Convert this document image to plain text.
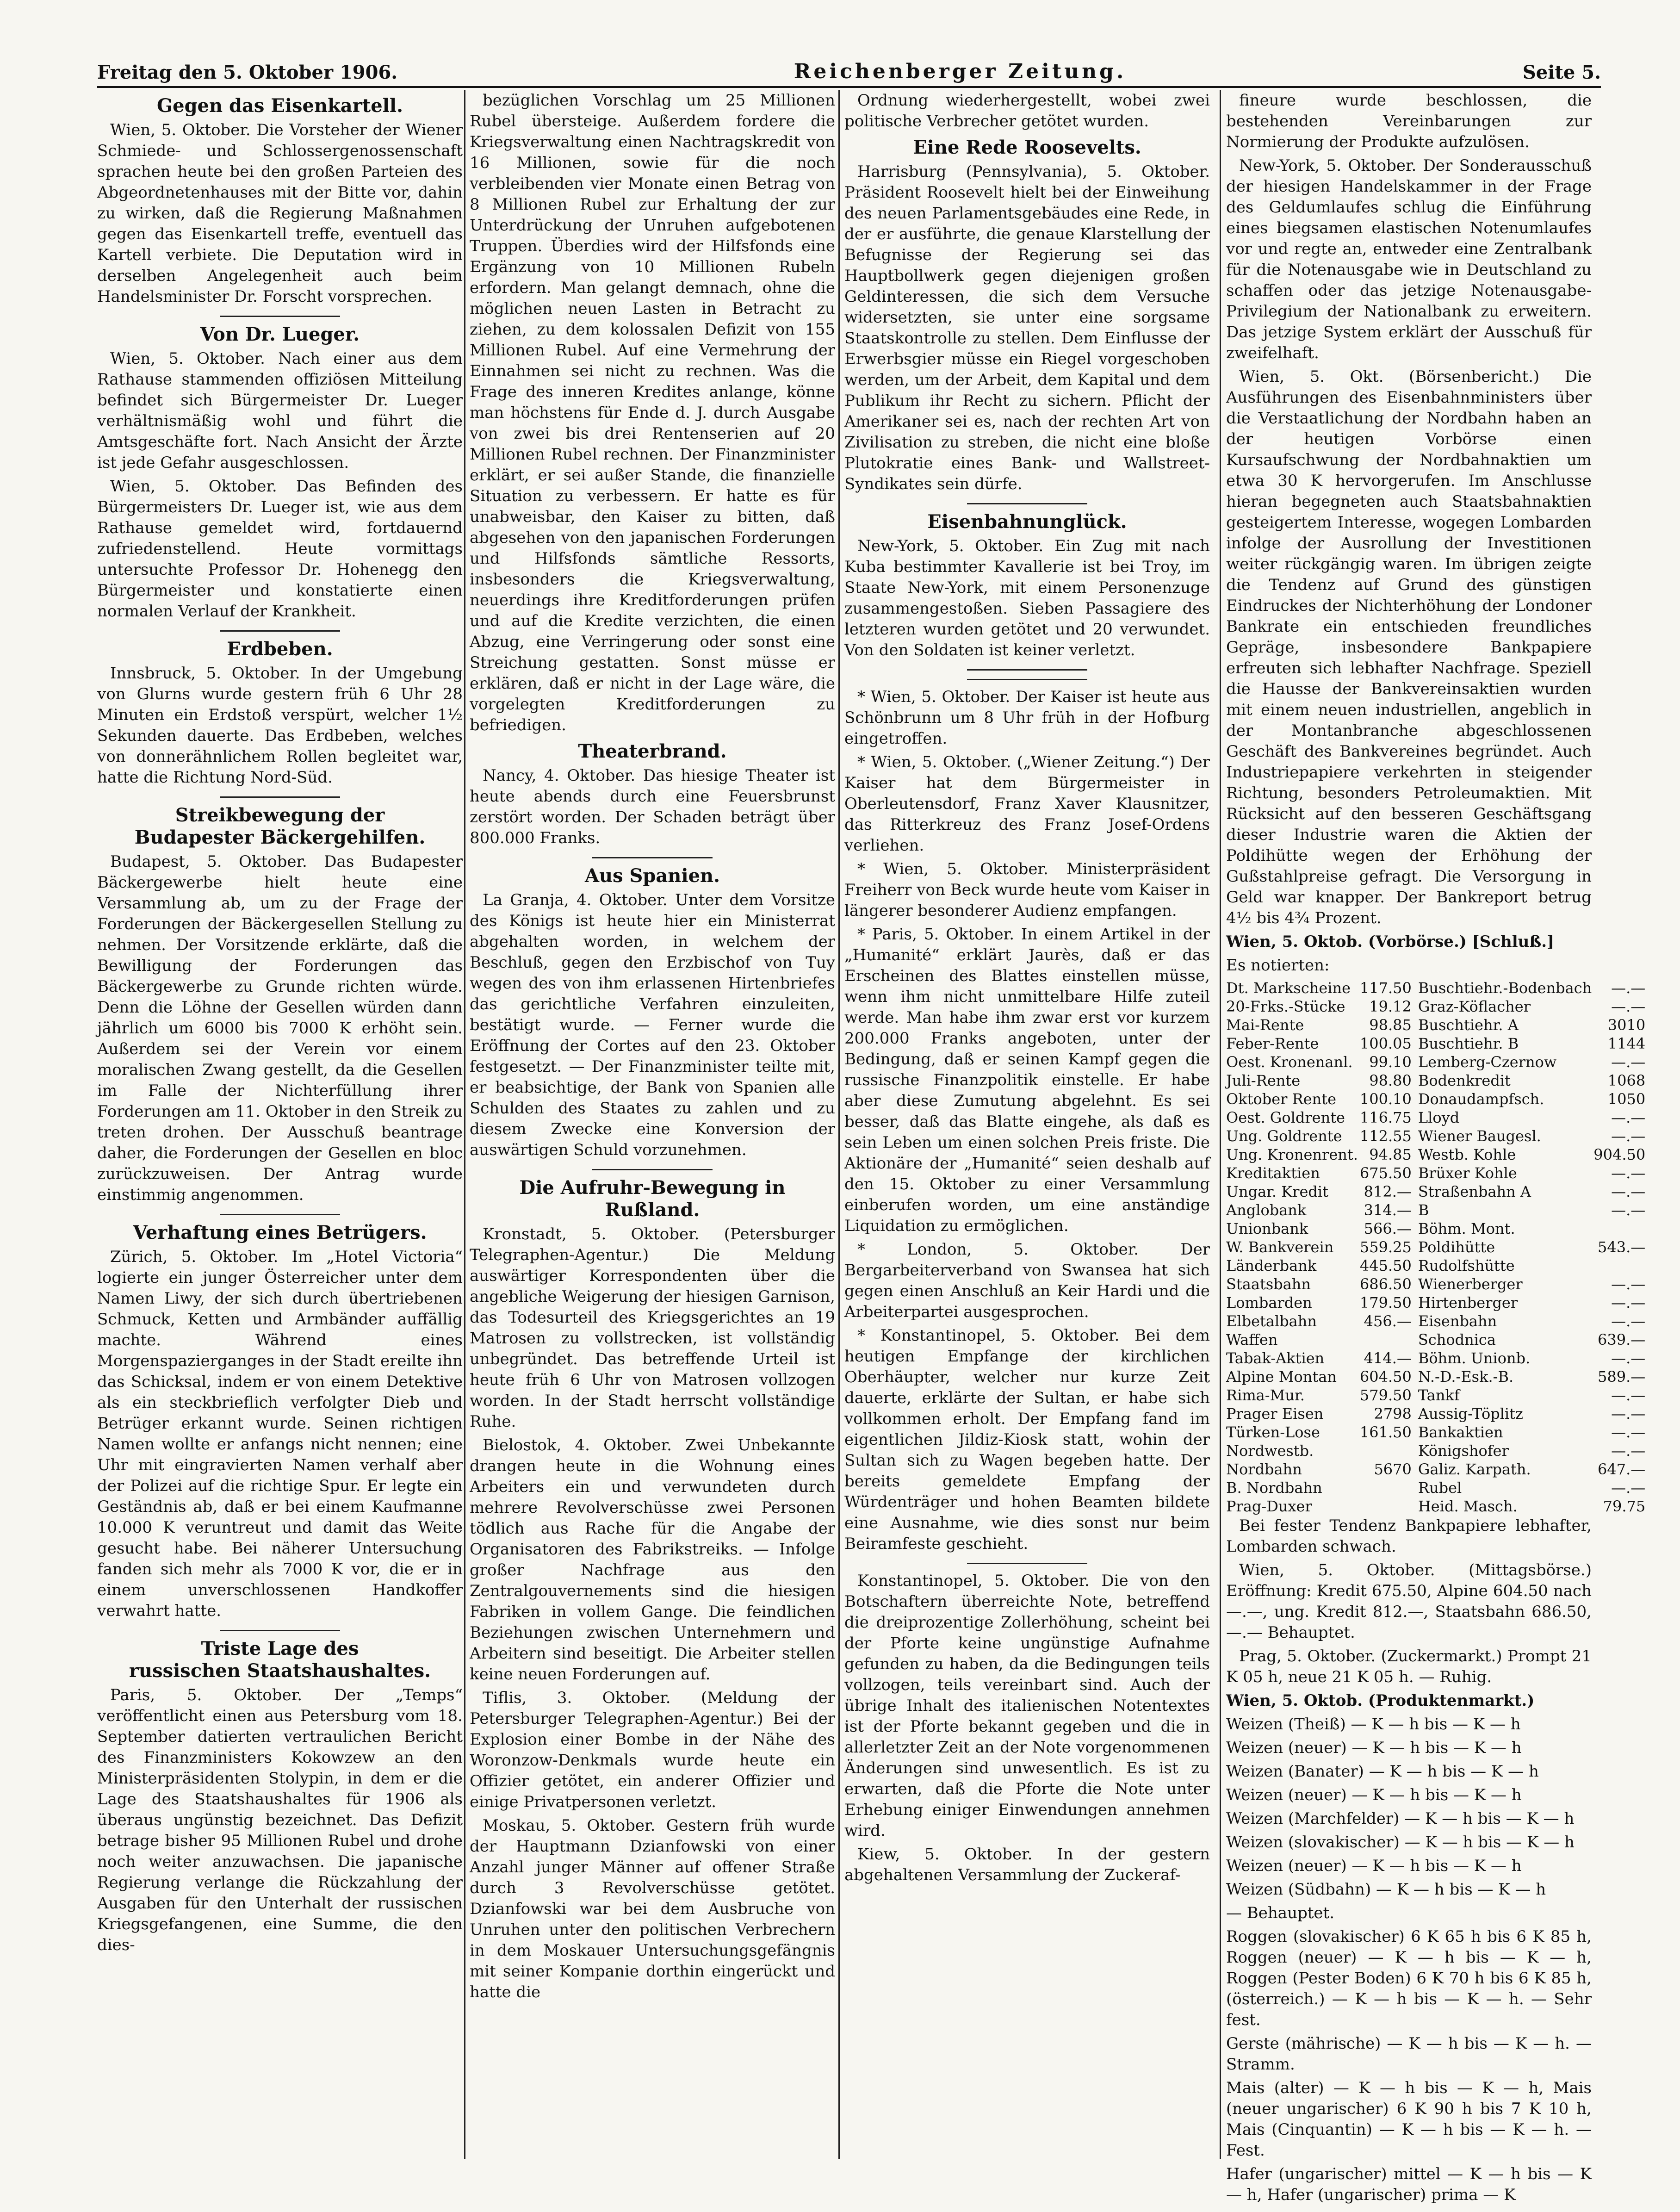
Freitag den 5. Oktober 1906.	Reichenberger Zeitung.	Seite 5.
Gegen das Eisenkartell.

Wien, 5. Oktober. Die Vorsteher der Wiener Schmiede- und Schlossergenossenschaft sprachen heute bei den großen Parteien des Abgeordnetenhauses mit der Bitte vor, dahin zu wirken, daß die Regierung Maßnahmen gegen das Eisenkartell treffe, eventuell das Kartell verbiete. Die Deputation wird in derselben Angelegenheit auch beim Handelsminister Dr. Forscht vorsprechen.

Von Dr. Lueger.

Wien, 5. Oktober. Nach einer aus dem Rathause stammenden offiziösen Mitteilung befindet sich Bürgermeister Dr. Lueger verhältnismäßig wohl und führt die Amtsgeschäfte fort. Nach Ansicht der Ärzte ist jede Gefahr ausgeschlossen.

Wien, 5. Oktober. Das Befinden des Bürgermeisters Dr. Lueger ist, wie aus dem Rathause gemeldet wird, fortdauernd zufriedenstellend. Heute vormittags untersuchte Professor Dr. Hohenegg den Bürgermeister und konstatierte einen normalen Verlauf der Krankheit.

Erdbeben.

Innsbruck, 5. Oktober. In der Umgebung von Glurns wurde gestern früh 6 Uhr 28 Minuten ein Erdstoß verspürt, welcher 1½ Sekunden dauerte. Das Erdbeben, welches von donnerähnlichem Rollen begleitet war, hatte die Richtung Nord-Süd.

Streikbewegung der
Budapester Bäckergehilfen.

Budapest, 5. Oktober. Das Budapester Bäckergewerbe hielt heute eine Versammlung ab, um zu der Frage der Forderungen der Bäckergesellen Stellung zu nehmen. Der Vorsitzende erklärte, daß die Bewilligung der Forderungen das Bäckergewerbe zu Grunde richten würde. Denn die Löhne der Gesellen würden dann jährlich um 6000 bis 7000 K erhöht sein. Außerdem sei der Verein vor einem moralischen Zwang gestellt, da die Gesellen im Falle der Nichterfüllung ihrer Forderungen am 11. Oktober in den Streik zu treten drohen. Der Ausschuß beantrage daher, die Forderungen der Gesellen en bloc zurückzuweisen. Der Antrag wurde einstimmig angenommen.

Verhaftung eines Betrügers.

Zürich, 5. Oktober. Im „Hotel Victoria“ logierte ein junger Österreicher unter dem Namen Liwy, der sich durch übertriebenen Schmuck, Ketten und Armbänder auffällig machte. Während eines Morgenspazierganges in der Stadt ereilte ihn das Schicksal, indem er von einem Detektive als ein steckbrieflich verfolgter Dieb und Betrüger erkannt wurde. Seinen richtigen Namen wollte er anfangs nicht nennen; eine Uhr mit eingravierten Namen verhalf aber der Polizei auf die richtige Spur. Er legte ein Geständnis ab, daß er bei einem Kaufmanne 10.000 K veruntreut und damit das Weite gesucht habe. Bei näherer Untersuchung fanden sich mehr als 7000 K vor, die er in einem unverschlossenen Handkoffer verwahrt hatte.

Triste Lage des
russischen Staatshaushaltes.

Paris, 5. Oktober. Der „Temps“ veröffentlicht einen aus Petersburg vom 18. September datierten vertraulichen Bericht des Finanzministers Kokowzew an den Ministerpräsidenten Stolypin, in dem er die Lage des Staatshaushaltes für 1906 als überaus ungünstig bezeichnet. Das Defizit betrage bisher 95 Millionen Rubel und drohe noch weiter anzuwachsen. Die japanische Regierung verlange die Rückzahlung der Ausgaben für den Unterhalt der russischen Kriegsgefangenen, eine Summe, die den dies-

bezüglichen Vorschlag um 25 Millionen Rubel übersteige. Außerdem fordere die Kriegsverwaltung einen Nachtragskredit von 16 Millionen, sowie für die noch verbleibenden vier Monate einen Betrag von 8 Millionen Rubel zur Erhaltung der zur Unterdrückung der Unruhen aufgebotenen Truppen. Überdies wird der Hilfsfonds eine Ergänzung von 10 Millionen Rubeln erfordern. Man gelangt demnach, ohne die möglichen neuen Lasten in Betracht zu ziehen, zu dem kolossalen Defizit von 155 Millionen Rubel. Auf eine Vermehrung der Einnahmen sei nicht zu rechnen. Was die Frage des inneren Kredites anlange, könne man höchstens für Ende d. J. durch Ausgabe von zwei bis drei Rentenserien auf 20 Millionen Rubel rechnen. Der Finanzminister erklärt, er sei außer Stande, die finanzielle Situation zu verbessern. Er hatte es für unabweisbar, den Kaiser zu bitten, daß abgesehen von den japanischen Forderungen und Hilfsfonds sämtliche Ressorts, insbesonders die Kriegsverwaltung, neuerdings ihre Kreditforderungen prüfen und auf die Kredite verzichten, die einen Abzug, eine Verringerung oder sonst eine Streichung gestatten. Sonst müsse er erklären, daß er nicht in der Lage wäre, die vorgelegten Kreditforderungen zu befriedigen.

Theaterbrand.

Nancy, 4. Oktober. Das hiesige Theater ist heute abends durch eine Feuersbrunst zerstört worden. Der Schaden beträgt über 800.000 Franks.

Aus Spanien.

La Granja, 4. Oktober. Unter dem Vorsitze des Königs ist heute hier ein Ministerrat abgehalten worden, in welchem der Beschluß, gegen den Erzbischof von Tuy wegen des von ihm erlassenen Hirtenbriefes das gerichtliche Verfahren einzuleiten, bestätigt wurde. — Ferner wurde die Eröffnung der Cortes auf den 23. Oktober festgesetzt. — Der Finanzminister teilte mit, er beabsichtige, der Bank von Spanien alle Schulden des Staates zu zahlen und zu diesem Zwecke eine Konversion der auswärtigen Schuld vorzunehmen.

Die Aufruhr-Bewegung in Rußland.

Kronstadt, 5. Oktober. (Petersburger Telegraphen-Agentur.) Die Meldung auswärtiger Korrespondenten über die angebliche Weigerung der hiesigen Garnison, das Todesurteil des Kriegsgerichtes an 19 Matrosen zu vollstrecken, ist vollständig unbegründet. Das betreffende Urteil ist heute früh 6 Uhr von Matrosen vollzogen worden. In der Stadt herrscht vollständige Ruhe.

Bielostok, 4. Oktober. Zwei Unbekannte drangen heute in die Wohnung eines Arbeiters ein und verwundeten durch mehrere Revolverschüsse zwei Personen tödlich aus Rache für die Angabe der Organisatoren des Fabrikstreiks. — Infolge großer Nachfrage aus den Zentralgouvernements sind die hiesigen Fabriken in vollem Gange. Die feindlichen Beziehungen zwischen Unternehmern und Arbeitern sind beseitigt. Die Arbeiter stellen keine neuen Forderungen auf.

Tiflis, 3. Oktober. (Meldung der Petersburger Telegraphen-Agentur.) Bei der Explosion einer Bombe in der Nähe des Woronzow-Denkmals wurde heute ein Offizier getötet, ein anderer Offizier und einige Privatpersonen verletzt.

Moskau, 5. Oktober. Gestern früh wurde der Hauptmann Dzianfowski von einer Anzahl junger Männer auf offener Straße durch 3 Revolverschüsse getötet. Dzianfowski war bei dem Ausbruche von Unruhen unter den politischen Verbrechern in dem Moskauer Untersuchungsgefängnis mit seiner Kompanie dorthin eingerückt und hatte die

Ordnung wiederhergestellt, wobei zwei politische Verbrecher getötet wurden.

Eine Rede Roosevelts.

Harrisburg (Pennsylvania), 5. Oktober. Präsident Roosevelt hielt bei der Einweihung des neuen Parlamentsgebäudes eine Rede, in der er ausführte, die genaue Klarstellung der Befugnisse der Regierung sei das Hauptbollwerk gegen diejenigen großen Geldinteressen, die sich dem Versuche widersetzten, sie unter eine sorgsame Staatskontrolle zu stellen. Dem Einflusse der Erwerbsgier müsse ein Riegel vorgeschoben werden, um der Arbeit, dem Kapital und dem Publikum ihr Recht zu sichern. Pflicht der Amerikaner sei es, nach der rechten Art von Zivilisation zu streben, die nicht eine bloße Plutokratie eines Bank- und Wallstreet-Syndikates sein dürfe.

Eisenbahnunglück.

New-York, 5. Oktober. Ein Zug mit nach Kuba bestimmter Kavallerie ist bei Troy, im Staate New-York, mit einem Personenzuge zusammengestoßen. Sieben Passagiere des letzteren wurden getötet und 20 verwundet. Von den Soldaten ist keiner verletzt.

* Wien, 5. Oktober. Der Kaiser ist heute aus Schönbrunn um 8 Uhr früh in der Hofburg eingetroffen.

* Wien, 5. Oktober. („Wiener Zeitung.“) Der Kaiser hat dem Bürgermeister in Oberleutensdorf, Franz Xaver Klausnitzer, das Ritterkreuz des Franz Josef-Ordens verliehen.

* Wien, 5. Oktober. Ministerpräsident Freiherr von Beck wurde heute vom Kaiser in längerer besonderer Audienz empfangen.

* Paris, 5. Oktober. In einem Artikel in der „Humanité“ erklärt Jaurès, daß er das Erscheinen des Blattes einstellen müsse, wenn ihm nicht unmittelbare Hilfe zuteil werde. Man habe ihm zwar erst vor kurzem 200.000 Franks angeboten, unter der Bedingung, daß er seinen Kampf gegen die russische Finanzpolitik einstelle. Er habe aber diese Zumutung abgelehnt. Es sei besser, daß das Blatte eingehe, als daß es sein Leben um einen solchen Preis friste. Die Aktionäre der „Humanité“ seien deshalb auf den 15. Oktober zu einer Versammlung einberufen worden, um eine anständige Liquidation zu ermöglichen.

* London, 5. Oktober. Der Bergarbeiterverband von Swansea hat sich gegen einen Anschluß an Keir Hardi und die Arbeiterpartei ausgesprochen.

* Konstantinopel, 5. Oktober. Bei dem heutigen Empfange der kirchlichen Oberhäupter, welcher nur kurze Zeit dauerte, erklärte der Sultan, er habe sich vollkommen erholt. Der Empfang fand im eigentlichen Jildiz-Kiosk statt, wohin der Sultan sich zu Wagen begeben hatte. Der bereits gemeldete Empfang der Würdenträger und hohen Beamten bildete eine Ausnahme, wie dies sonst nur beim Beiramfeste geschieht.

Konstantinopel, 5. Oktober. Die von den Botschaftern überreichte Note, betreffend die dreiprozentige Zollerhöhung, scheint bei der Pforte keine ungünstige Aufnahme gefunden zu haben, da die Bedingungen teils vollzogen, teils vereinbart sind. Auch der übrige Inhalt des italienischen Notentextes ist der Pforte bekannt gegeben und die in allerletzter Zeit an der Note vorgenommenen Änderungen sind unwesentlich. Es ist zu erwarten, daß die Pforte die Note unter Erhebung einiger Einwendungen annehmen wird.

Kiew, 5. Oktober. In der gestern abgehaltenen Versammlung der Zuckeraf-

fineure wurde beschlossen, die bestehenden Vereinbarungen zur Normierung der Produkte aufzulösen.

New-York, 5. Oktober. Der Sonderausschuß der hiesigen Handelskammer in der Frage des Geldumlaufes schlug die Einführung eines biegsamen elastischen Notenumlaufes vor und regte an, entweder eine Zentralbank für die Notenausgabe wie in Deutschland zu schaffen oder das jetzige Notenausgabe-Privilegium der Nationalbank zu erweitern. Das jetzige System erklärt der Ausschuß für zweifelhaft.

Wien, 5. Okt. (Börsenbericht.) Die Ausführungen des Eisenbahnministers über die Verstaatlichung der Nordbahn haben an der heutigen Vorbörse einen Kursaufschwung der Nordbahnaktien um etwa 30 K hervorgerufen. Im Anschlusse hieran begegneten auch Staatsbahnaktien gesteigertem Interesse, wogegen Lombarden infolge der Ausrollung der Investitionen weiter rückgängig waren. Im übrigen zeigte die Tendenz auf Grund des günstigen Eindruckes der Nichterhöhung der Londoner Bankrate ein entschieden freundliches Gepräge, insbesondere Bankpapiere erfreuten sich lebhafter Nachfrage. Speziell die Hausse der Bankvereinsaktien wurden mit einem neuen industriellen, angeblich in der Montanbranche abgeschlossenen Geschäft des Bankvereines begründet. Auch Industriepapiere verkehrten in steigender Richtung, besonders Petroleumaktien. Mit Rücksicht auf den besseren Geschäftsgang dieser Industrie waren die Aktien der Poldihütte wegen der Erhöhung der Gußstahlpreise gefragt. Die Versorgung in Geld war knapper. Der Bankreport betrug 4½ bis 4¾ Prozent.

Wien, 5. Oktob. (Vorbörse.) [Schluß.]

Es notierten:

Dt. Markscheine	117.50	Buschtiehr.-Bodenbach	—.—
20-Frks.-Stücke	19.12	Graz-Köflacher	—.—
Mai-Rente	98.85	Buschtiehr. A	3010
Feber-Rente	100.05	Buschtiehr. B	1144
Oest. Kronenanl.	99.10	Lemberg-Czernow	—.—
Juli-Rente	98.80	Bodenkredit	1068
Oktober Rente	100.10	Donaudampfsch.	1050
Oest. Goldrente	116.75	Lloyd	—.—
Ung. Goldrente	112.55	Wiener Baugesl.	—.—
Ung. Kronenrent.	94.85	Westb. Kohle	904.50
Kreditaktien	675.50	Brüxer Kohle	—.—
Ungar. Kredit	812.—	Straßenbahn A	—.—
Anglobank	314.—	B	—.—
Unionbank	566.—	Böhm. Mont.	
W. Bankverein	559.25	Poldihütte	543.—
Länderbank	445.50	Rudolfshütte	
Staatsbahn	686.50	Wienerberger	—.—
Lombarden	179.50	Hirtenberger	—.—
Elbetalbahn	456.—	Eisenbahn	—.—
Waffen		Schodnica	639.—
Tabak-Aktien	414.—	Böhm. Unionb.	—.—
Alpine Montan	604.50	N.-D.-Esk.-B.	589.—
Rima-Mur.	579.50	Tankf	—.—
Prager Eisen	2798	Aussig-Töplitz	—.—
Türken-Lose	161.50	Bankaktien	—.—
Nordwestb.		Königshofer	—.—
Nordbahn	5670	Galiz. Karpath.	647.—
B. Nordbahn		Rubel	—.—
Prag-Duxer		Heid. Masch.	79.75

Bei fester Tendenz Bankpapiere lebhafter, Lombarden schwach.

Wien, 5. Oktober. (Mittagsbörse.) Eröffnung: Kredit 675.50, Alpine 604.50 nach —.—, ung. Kredit 812.—, Staatsbahn 686.50, —.— Behauptet.

Prag, 5. Oktober. (Zuckermarkt.) Prompt 21 K 05 h, neue 21 K 05 h. — Ruhig.

Wien, 5. Oktob. (Produktenmarkt.)

Weizen (Theiß) — K — h bis — K — h

Weizen (neuer) — K — h bis — K — h

Weizen (Banater) — K — h bis — K — h

Weizen (neuer) — K — h bis — K — h

Weizen (Marchfelder) — K — h bis — K — h

Weizen (slovakischer) — K — h bis — K — h

Weizen (neuer) — K — h bis — K — h

Weizen (Südbahn) — K — h bis — K — h

— Behauptet.

Roggen (slovakischer) 6 K 65 h bis 6 K 85 h, Roggen (neuer) — K — h bis — K — h, Roggen (Pester Boden) 6 K 70 h bis 6 K 85 h, (österreich.) — K — h bis — K — h. — Sehr fest.

Gerste (mährische) — K — h bis — K — h. — Stramm.

Mais (alter) — K — h bis — K — h, Mais (neuer ungarischer) 6 K 90 h bis 7 K 10 h, Mais (Cinquantin) — K — h bis — K — h. — Fest.

Hafer (ungarischer) mittel — K — h bis — K — h, Hafer (ungarischer) prima — K
